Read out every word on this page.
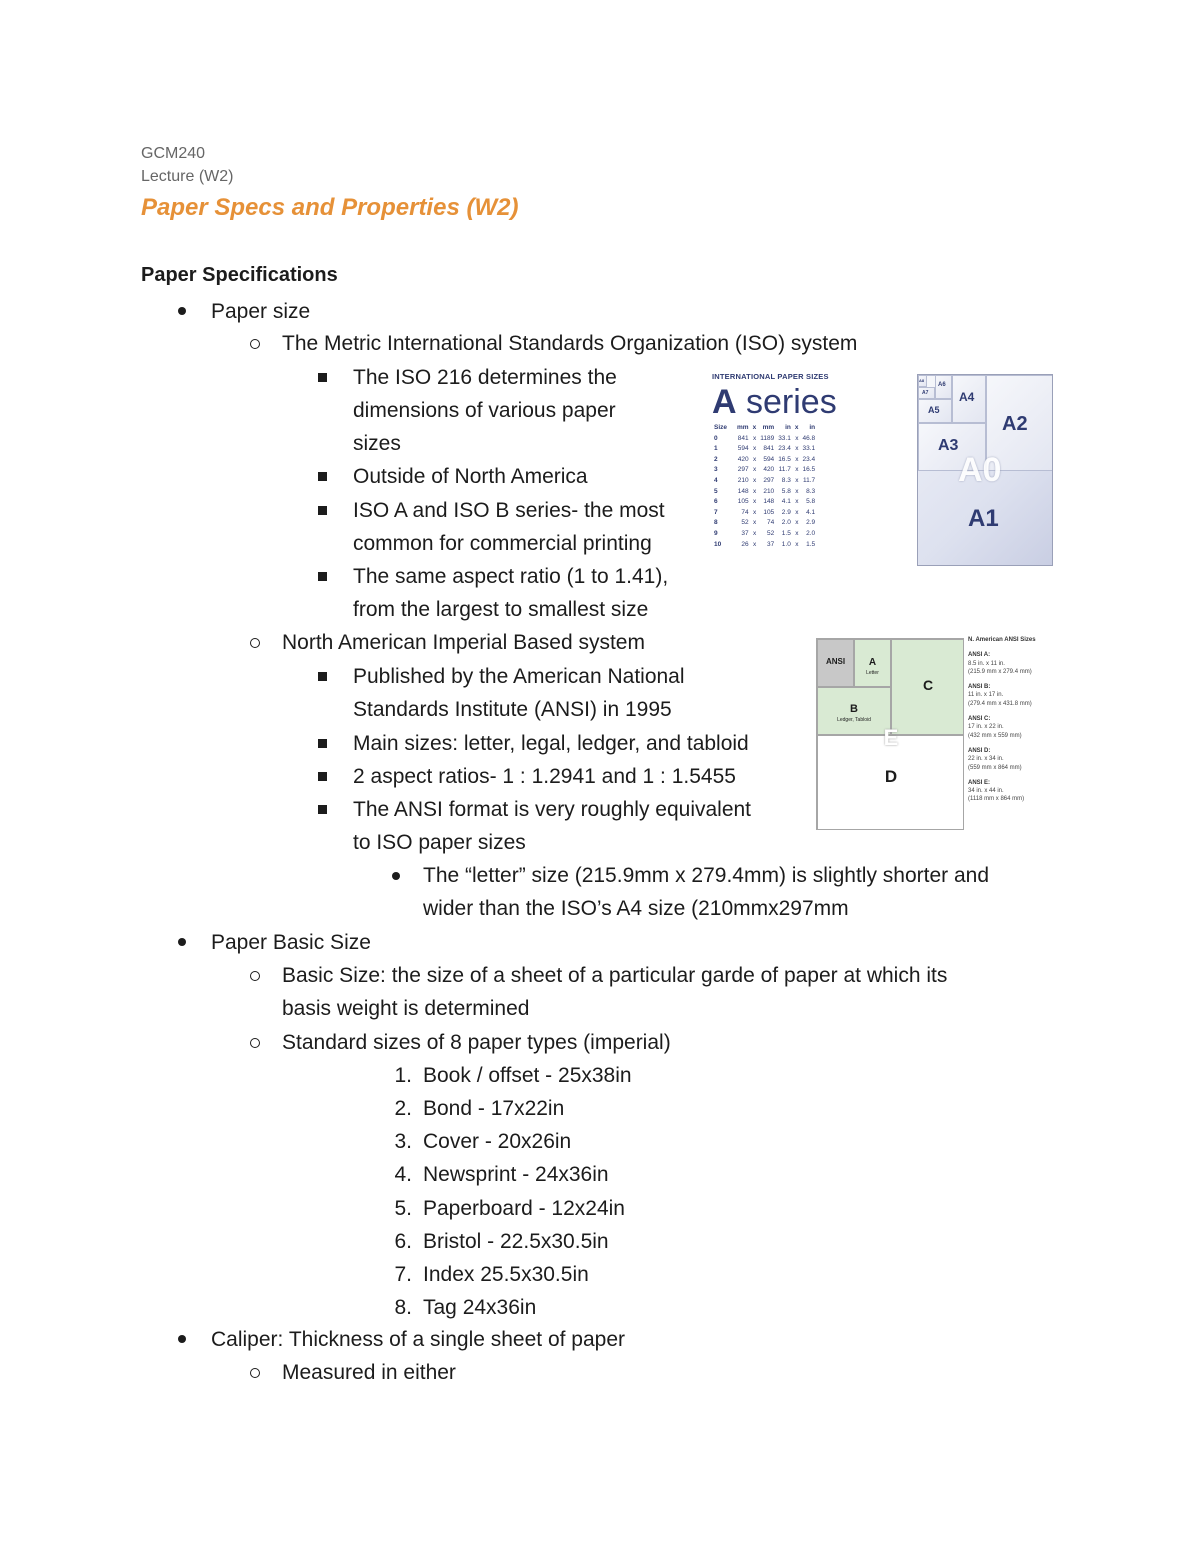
GCM240
Lecture (W2)
Paper Specs and Properties (W2)
Paper Specifications
Paper size
The Metric International Standards Organization (ISO) system
The ISO 216 determines the
dimensions of various paper
sizes
Outside of North America
ISO A and ISO B series- the most
common for commercial printing
The same aspect ratio (1 to 1.41),
from the largest to smallest size
INTERNATIONAL PAPER SIZES
A series
Size	mm	x	mm	in	x	in
0	841	x	1189	33.1	x	46.8
1	594	x	841	23.4	x	33.1
2	420	x	594	16.5	x	23.4
3	297	x	420	11.7	x	16.5
4	210	x	297	8.3	x	11.7
5	148	x	210	5.8	x	8.3
6	105	x	148	4.1	x	5.8
7	74	x	105	2.9	x	4.1
8	52	x	74	2.0	x	2.9
9	37	x	52	1.5	x	2.0
10	26	x	37	1.0	x	1.5
A0
A1
A2
A3
A4
A5
A6
A7
A8
North American Imperial Based system
Published by the American National
Standards Institute (ANSI) in 1995
Main sizes: letter, legal, ledger, and tabloid
2 aspect ratios- 1 : 1.2941 and 1 : 1.5455
The ANSI format is very roughly equivalent
to ISO paper sizes
The “letter” size (215.9mm x 279.4mm) is slightly shorter and
wider than the ISO’s A4 size (210mmx297mm
ANSI	A
Letter
B
Ledger, Tabloid
C
D
E
N. American ANSI Sizes
ANSI A:
8.5 in. x 11 in.
(215.9 mm x 279.4 mm)
ANSI B:
11 in. x 17 in.
(279.4 mm x 431.8 mm)
ANSI C:
17 in. x 22 in.
(432 mm x 559 mm)
ANSI D:
22 in. x 34 in.
(559 mm x 864 mm)
ANSI E:
34 in. x 44 in.
(1118 mm x 864 mm)
Paper Basic Size
Basic Size: the size of a sheet of a particular garde of paper at which its
basis weight is determined
Standard sizes of 8 paper types (imperial)
1. Book / offset - 25x38in
2. Bond - 17x22in
3. Cover - 20x26in
4. Newsprint - 24x36in
5. Paperboard - 12x24in
6. Bristol - 22.5x30.5in
7. Index 25.5x30.5in
8. Tag 24x36in
Caliper: Thickness of a single sheet of paper
Measured in either
